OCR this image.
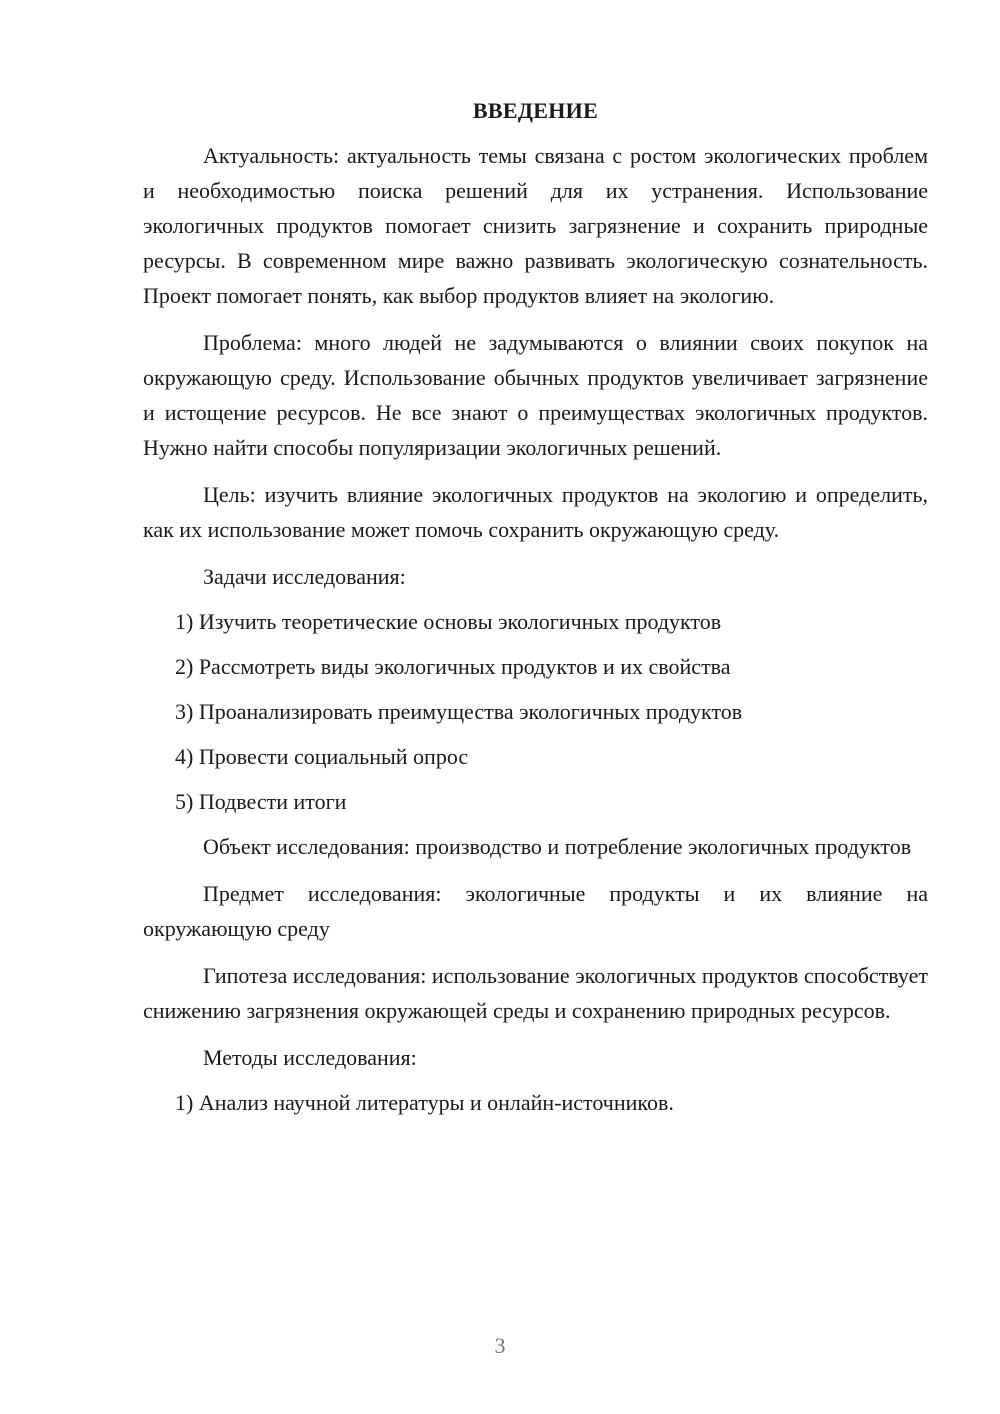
ВВЕДЕНИЕ

Актуальность: актуальность темы связана с ростом экологических проблем и необходимостью поиска решений для их устранения. Использование экологичных продуктов помогает снизить загрязнение и сохранить природные ресурсы. В современном мире важно развивать экологическую сознательность. Проект помогает понять, как выбор продуктов влияет на экологию.

Проблема: много людей не задумываются о влиянии своих покупок на окружающую среду. Использование обычных продуктов увеличивает загрязнение и истощение ресурсов. Не все знают о преимуществах экологичных продуктов. Нужно найти способы популяризации экологичных решений.

Цель: изучить влияние экологичных продуктов на экологию и определить, как их использование может помочь сохранить окружающую среду.

Задачи исследования:
1) Изучить теоретические основы экологичных продуктов
2) Рассмотреть виды экологичных продуктов и их свойства
3) Проанализировать преимущества экологичных продуктов
4) Провести социальный опрос
5) Подвести итоги

Объект исследования: производство и потребление экологичных продуктов

Предмет исследования: экологичные продукты и их влияние на окружающую среду

Гипотеза исследования: использование экологичных продуктов способствует снижению загрязнения окружающей среды и сохранению природных ресурсов.

Методы исследования:
1) Анализ научной литературы и онлайн-источников.
3
